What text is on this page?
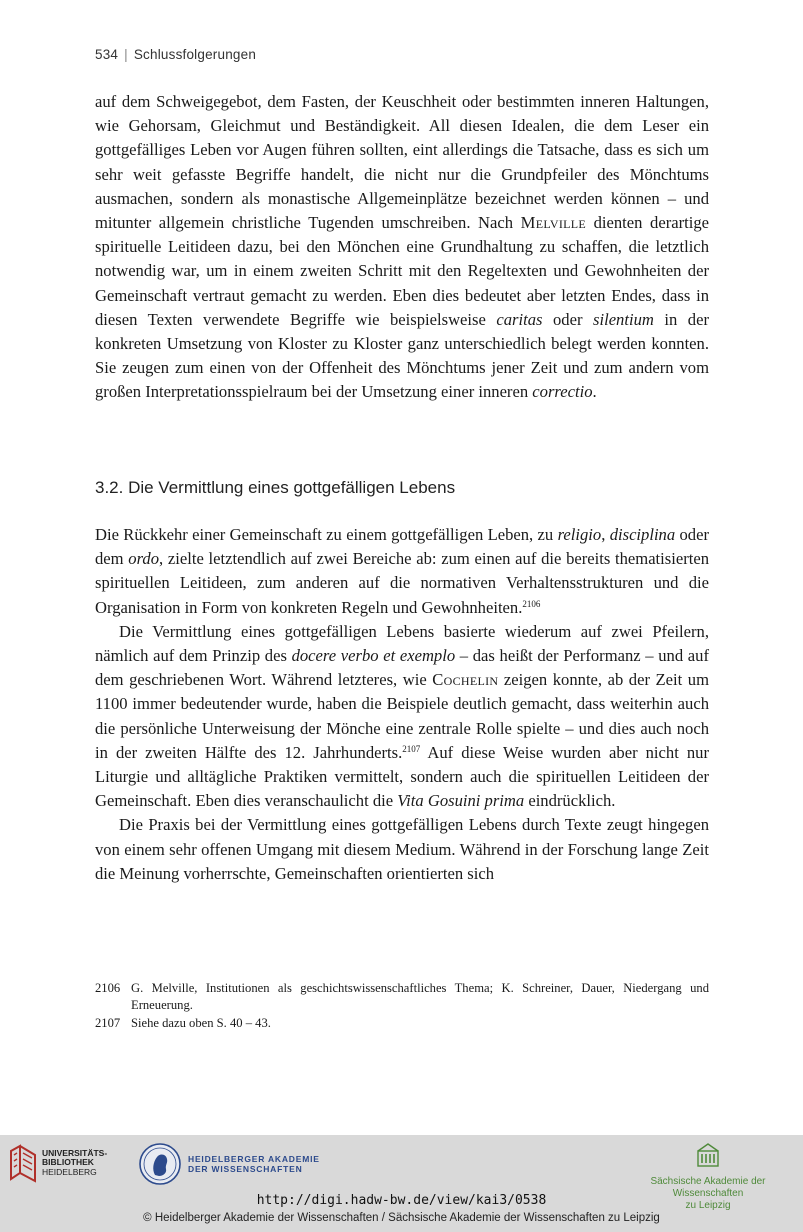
534 | Schlussfolgerungen

auf dem Schweigegebot, dem Fasten, der Keuschheit oder bestimmten inneren Haltungen, wie Gehorsam, Gleichmut und Beständigkeit. All diesen Idealen, die dem Leser ein gottgefälliges Leben vor Augen führen sollten, eint allerdings die Tatsache, dass es sich um sehr weit gefasste Begriffe handelt, die nicht nur die Grundpfeiler des Mönchtums ausmachen, sondern als monastische Allgemeinplätze bezeichnet werden können – und mitunter allgemein christliche Tugenden umschreiben. Nach Melville dienten derartige spirituelle Leitideen dazu, bei den Mönchen eine Grundhaltung zu schaffen, die letztlich notwendig war, um in einem zweiten Schritt mit den Regeltexten und Gewohnheiten der Gemeinschaft vertraut gemacht zu werden. Eben dies bedeutet aber letzten Endes, dass in diesen Texten verwendete Begriffe wie beispielsweise caritas oder silentium in der konkreten Umsetzung von Kloster zu Kloster ganz unterschiedlich belegt werden konnten. Sie zeugen zum einen von der Offenheit des Mönchtums jener Zeit und zum andern vom großen Interpretationsspielraum bei der Umsetzung einer inneren correctio.

3.2. Die Vermittlung eines gottgefälligen Lebens

Die Rückkehr einer Gemeinschaft zu einem gottgefälligen Leben, zu religio, disciplina oder dem ordo, zielte letztendlich auf zwei Bereiche ab: zum einen auf die bereits thematisierten spirituellen Leitideen, zum anderen auf die normativen Verhaltensstrukturen und die Organisation in Form von konkreten Regeln und Gewohnheiten.$^{2106}$

Die Vermittlung eines gottgefälligen Lebens basierte wiederum auf zwei Pfeilern, nämlich auf dem Prinzip des docere verbo et exemplo – das heißt der Performanz – und auf dem geschriebenen Wort. Während letzteres, wie Cochelin zeigen konnte, ab der Zeit um 1100 immer bedeutender wurde, haben die Beispiele deutlich gemacht, dass weiterhin auch die persönliche Unterweisung der Mönche eine zentrale Rolle spielte – und dies auch noch in der zweiten Hälfte des 12. Jahrhunderts.$^{2107}$ Auf diese Weise wurden aber nicht nur Liturgie und alltägliche Praktiken vermittelt, sondern auch die spirituellen Leitideen der Gemeinschaft. Eben dies veranschaulicht die Vita Gosuini prima eindrücklich.

Die Praxis bei der Vermittlung eines gottgefälligen Lebens durch Texte zeugt hingegen von einem sehr offenen Umgang mit diesem Medium. Während in der Forschung lange Zeit die Meinung vorherrschte, Gemeinschaften orientierten sich

2106 G. Melville, Institutionen als geschichtswissenschaftliches Thema; K. Schreiner, Dauer, Niedergang und Erneuerung.
2107 Siehe dazu oben S. 40 – 43.
UNIVERSITÄTS-
BIBLIOTHEK
HEIDELBERG
HEIDELBERGER AKADEMIE
DER WISSENSCHAFTEN
Sächsische Akademie der Wissenschaften
zu Leipzig
http://digi.hadw-bw.de/view/kai3/0538
© Heidelberger Akademie der Wissenschaften / Sächsische Akademie der Wissenschaften zu Leipzig
